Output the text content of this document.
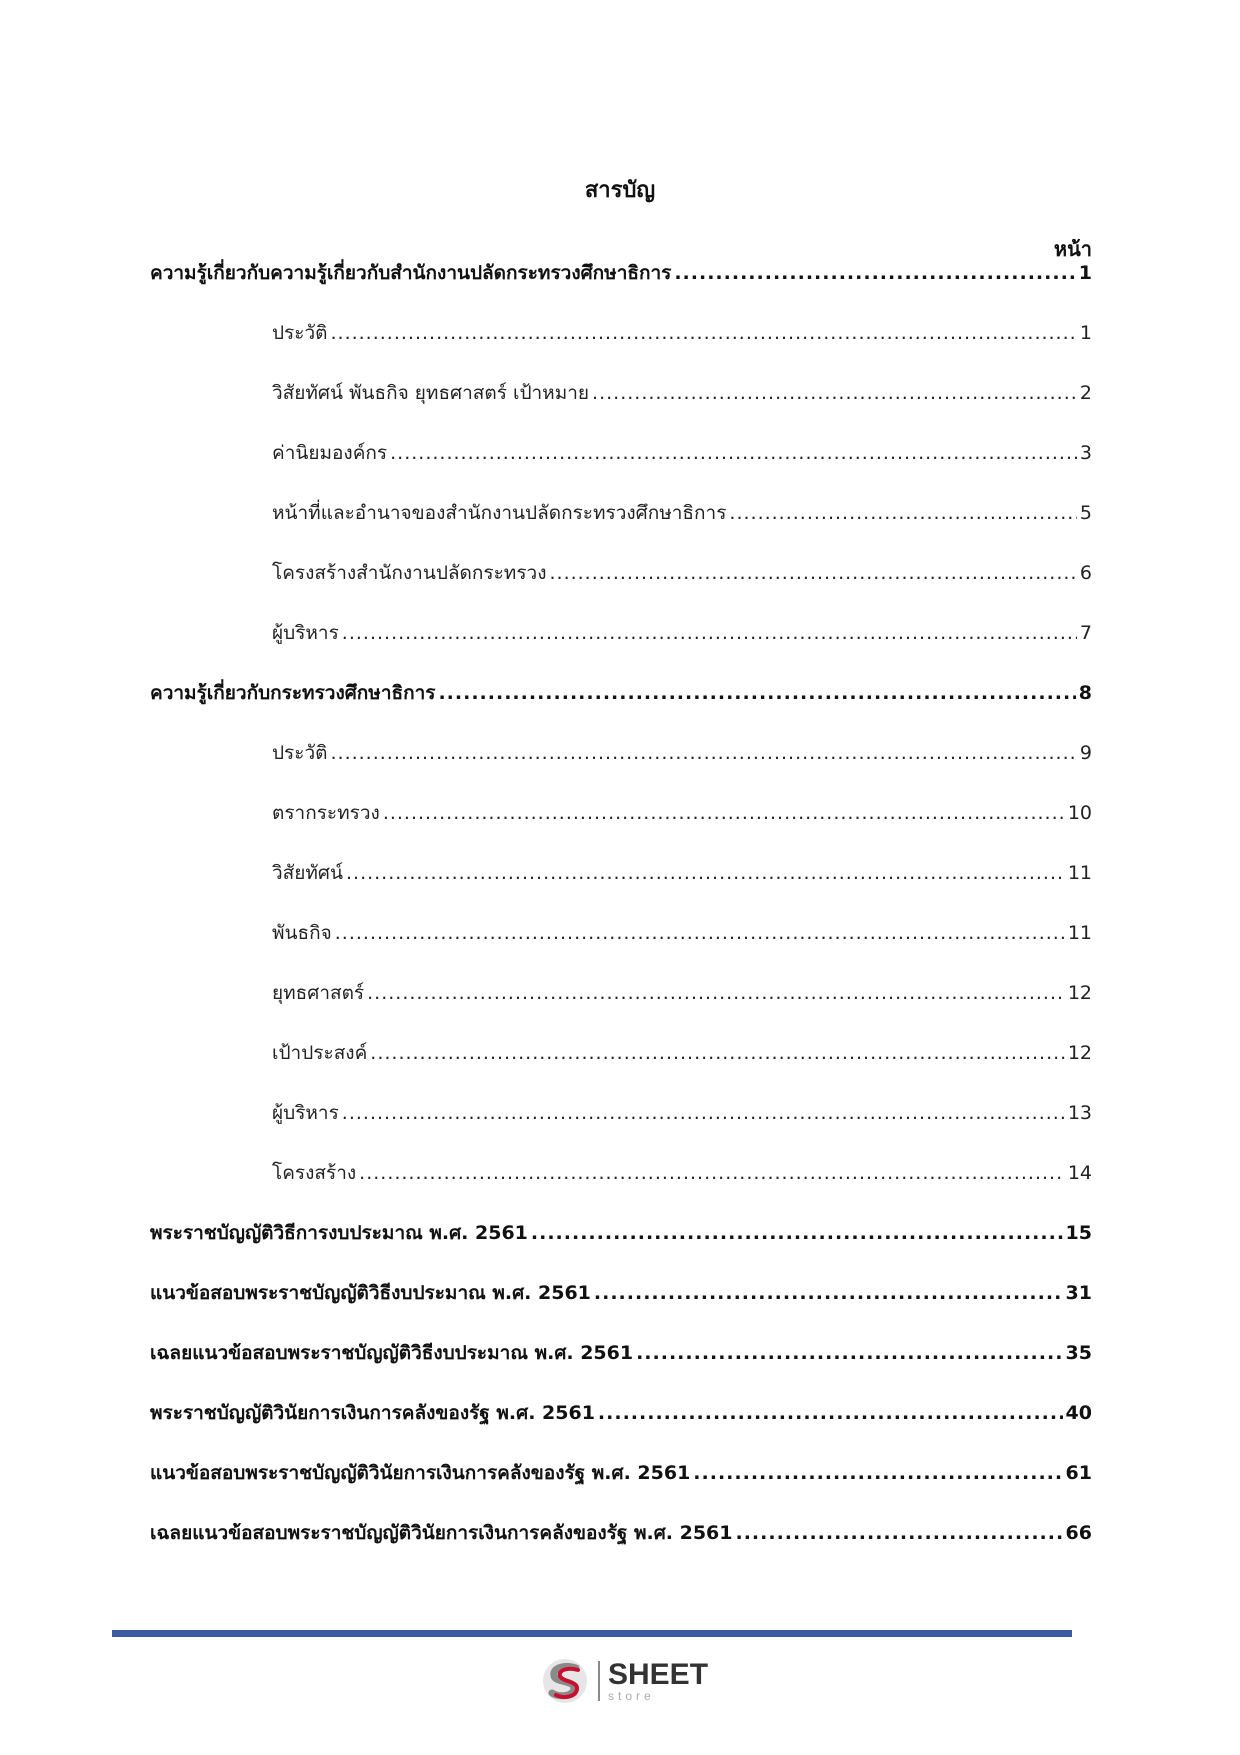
สารบัญ
หน้า
ความรู้เกี่ยวกับความรู้เกี่ยวกับสำนักงานปลัดกระทรวงศึกษาธิการ .....	1
ประวัติ .....	1
วิสัยทัศน์ พันธกิจ ยุทธศาสตร์ เป้าหมาย .....	2
ค่านิยมองค์กร .....	3
หน้าที่และอำนาจของสำนักงานปลัดกระทรวงศึกษาธิการ .....	5
โครงสร้างสำนักงานปลัดกระทรวง .....	6
ผู้บริหาร .....	7
ความรู้เกี่ยวกับกระทรวงศึกษาธิการ .....	8
ประวัติ .....	9
ตรากระทรวง .....	10
วิสัยทัศน์ .....	11
พันธกิจ .....	11
ยุทธศาสตร์ .....	12
เป้าประสงค์ .....	12
ผู้บริหาร .....	13
โครงสร้าง .....	14
พระราชบัญญัติวิธีการงบประมาณ พ.ศ. 2561 .....	15
แนวข้อสอบพระราชบัญญัติวิธีงบประมาณ พ.ศ. 2561 .....	31
เฉลยแนวข้อสอบพระราชบัญญัติวิธีงบประมาณ พ.ศ. 2561 .....	35
พระราชบัญญัติวินัยการเงินการคลังของรัฐ พ.ศ. 2561 .....	40
แนวข้อสอบพระราชบัญญัติวินัยการเงินการคลังของรัฐ พ.ศ. 2561 .....	61
เฉลยแนวข้อสอบพระราชบัญญัติวินัยการเงินการคลังของรัฐ พ.ศ. 2561 .....	66
SHEET
store
